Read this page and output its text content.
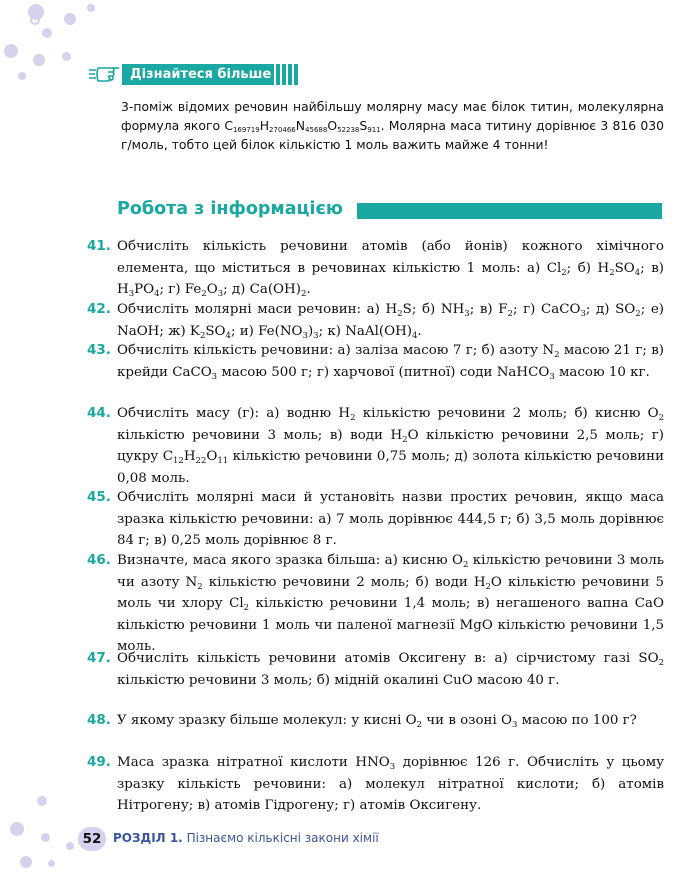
Дізнайтеся більше
3-поміж відомих речовин найбільшу молярну масу має білок титин, молекулярна формула якого $C_{169719}H_{270466}N_{45688}O_{52238}S_{911}$. Молярна маса титину дорівнює 3 816 030 г/моль, тобто цей білок кількістю 1 моль важить майже 4 тонни!
Робота з інформацією
41. Обчисліть кількість речовини атомів (або йонів) кожного хімічного елемента, що міститься в речовинах кількістю 1 моль: а) $Cl_2$; б) $H_2SO_4$; в) $H_3PO_4$; г) $Fe_2O_3$; д) $Ca(OH)_2$.
42. Обчисліть молярні маси речовин: а) $H_2S$; б) $NH_3$; в) $F_2$; г) CaCO$_3$; д) $SO_2$; е) NaOH; ж) $K_2SO_4$; и) $Fe(NO_3)_3$; к) $NaAl(OH)_4$.
43. Обчисліть кількість речовини: а) заліза масою 7 г; б) азоту $N_2$ масою 21 г; в) крейди CaCO$_3$ масою 500 г; г) харчової (питної) соди NaHCO$_3$ масою 10 кг.
44. Обчисліть масу (г): а) водню $H_2$ кількістю речовини 2 моль; б) кисню $O_2$ кількістю речовини 3 моль; в) води $H_2O$ кількістю речовини 2,5 моль; г) цукру $C_{12}H_{22}O_{11}$ кількістю речовини 0,75 моль; д) золота кількістю речовини 0,08 моль.
45. Обчисліть молярні маси й установіть назви простих речовин, якщо маса зразка кількістю речовини: а) 7 моль дорівнює 444,5 г; б) 3,5 моль дорівнює 84 г; в) 0,25 моль дорівнює 8 г.
46. Визначте, маса якого зразка більша: а) кисню $O_2$ кількістю речовини 3 моль чи азоту $N_2$ кількістю речовини 2 моль; б) води $H_2O$ кількістю речовини 5 моль чи хлору $Cl_2$ кількістю речовини 1,4 моль; в) негашеного вапна CaO кількістю речовини 1 моль чи паленої магнезії MgO кількістю речовини 1,5 моль.
47. Обчисліть кількість речовини атомів Оксигену в: а) сірчистому газі $SO_2$ кількістю речовини 3 моль; б) мідній окалині CuO масою 40 г.
48. У якому зразку більше молекул: у кисні $O_2$ чи в озоні $O_3$ масою по 100 г?
49. Маса зразка нітратної кислоти $HNO_3$ дорівнює 126 г. Обчисліть у цьому зразку кількість речовини: а) молекул нітратної кислоти; б) атомів Нітрогену; в) атомів Гідрогену; г) атомів Оксигену.
52 РОЗДІЛ 1. Пізнаємо кількісні закони хімії
